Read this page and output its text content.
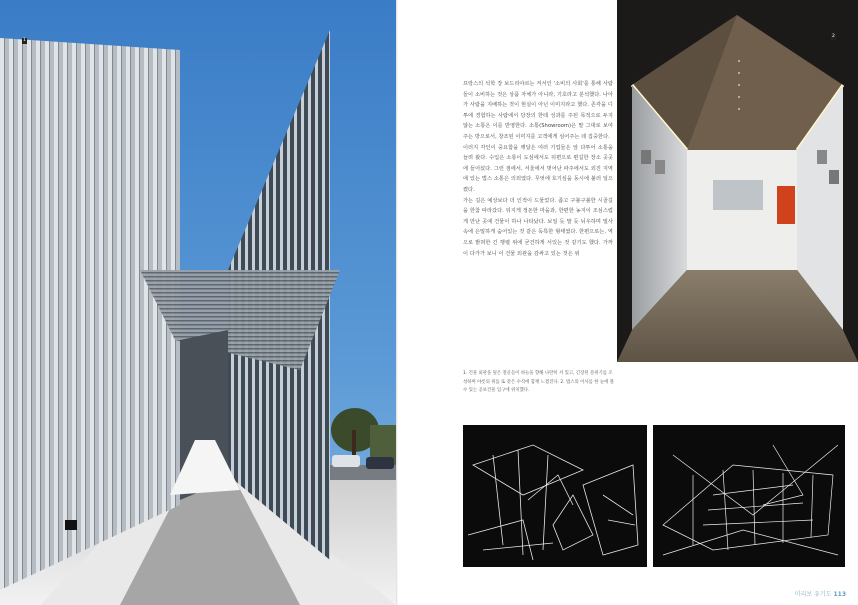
1
2

프랑스의 석학 장 보드리야르는 저서인 '소비의 사회'를 통해 사람들이 소비하는 것은 상품 자체가 아니라, 기호라고 분석했다. 나아가 사람을 지배하는 것이 현실이 아닌 이미지라고 했다. 존각을 디투에 경험하는 사람에서 당장의 한테 성과를 주된 목적으로 두지 않는 소통은 이를 반영한다. 소통(Showroom)은 말 그대로 보여주는 방으로서, 창조된 이미지를 고객에게 심어주는 데 집중한다.

이러지 각인이 중요함을 깨달은 여러 기업들은 앞 다투어 소통을 늘려 왔다. 수입은 소통이 도심에서도 뒤편으로 편길한 장소 곳곳에 들어섰다. 그런 점에서, 서울에서 벗어난 파주에서도 외진 지역에 있는 법스 소통은 의외였다. 무엇에 호기심을 동시에 불러 일으켰다.

가는 길은 예상보다 더 인적이 드물었다. 좁고 구불구불한 시골길을 한참 따라갔다. 뒤지게 정돈한 마을과, 한편한 농지이 조심스럽게 만난 곳에 건물이 하나 나타났다. 보일 듯 말 듯 뉘우하며 밀사 속에 은밀하게 숨어있는 것 같은 독특한 형태였다. 한편으로는, 역으로 밝혀한 긴 행렬 위에 굳건하게 서있는 것 같기도 했다. 가까이 다가가 보니 이 건물 외관을 감싸고 있는 것은 위

1. 건물 외관을 덮은 철골들이 하늘을 향해 나란히 서 있고, 긴장된 분위기를 조성하며 야릇의 위를 또 같은 수직에 함께 느꼈진다. 2. 법스의 이사를 한 눈에 볼 수 있는 공보건물 입구에 위치했다.
미리보 유기도 113
